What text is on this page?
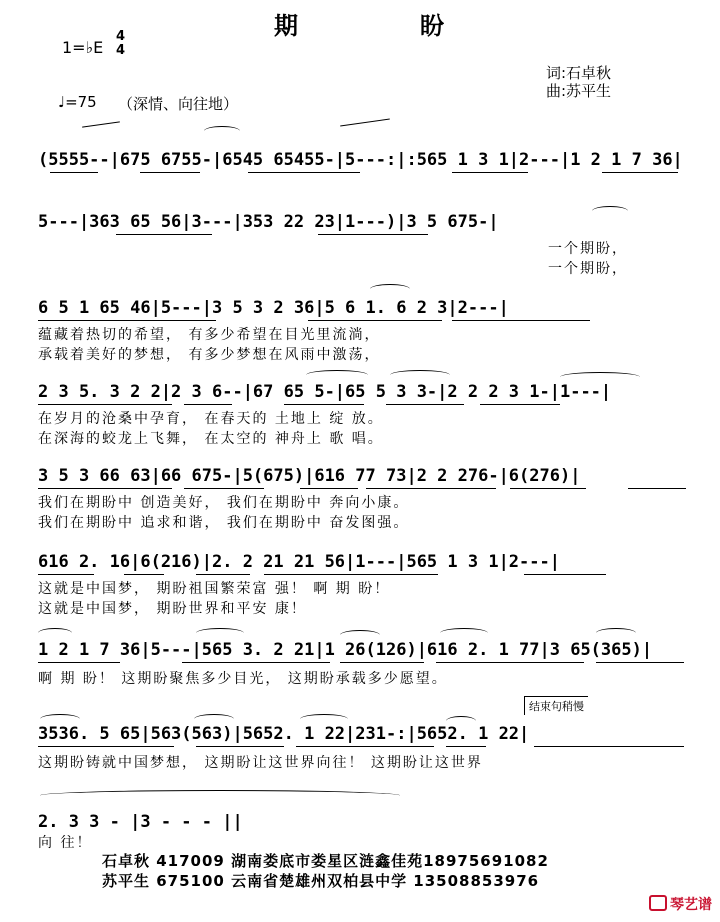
期	盼
1=♭E
4
4
♩=75 （深情、向往地）
词:石卓秋
曲:苏平生
(5555--|675 6755-|6545 65455-|5---:|:565 1 3 1|2---|1 2 1 7 36|
5---|363 65 56|3---|353 22 23|1---)|3 5 675-|
一个期盼，
一个期盼，
6 5 1 65 46|5---|3 5 3 2 36|5 6 1. 6 2 3|2---|
蕴藏着热切的希望， 有多少希望在目光里流淌，
承载着美好的梦想， 有多少梦想在风雨中激荡，
2 3 5. 3 2 2|2 3 6--|67 65 5-|65 5 3 3-|2 2 2 3 1-|1---|
在岁月的沧桑中孕育， 在春天的 土地上 绽 放。
在深海的蛟龙上飞舞， 在太空的 神舟上 歌 唱。
3 5 3 66 63|66 675-|5(675)|616 77 73|2 2 276-|6(276)|
我们在期盼中 创造美好， 我们在期盼中 奔向小康。
我们在期盼中 追求和谐， 我们在期盼中 奋发图强。
616 2. 16|6(216)|2. 2 21 21 56|1---|565 1 3 1|2---|
这就是中国梦， 期盼祖国繁荣富 强！ 啊 期 盼！
这就是中国梦， 期盼世界和平安 康！
1 2 1 7 36|5---|565 3. 2 21|1 26(126)|616 2. 1 77|3 65(365)|
啊 期 盼！ 这期盼聚焦多少目光， 这期盼承载多少愿望。
结束句稍慢
3536. 5 65|563(563)|5652. 1 22|231-:|5652. 1 22|
这期盼铸就中国梦想， 这期盼让这世界向往！ 这期盼让这世界
2. 3 3 - |3 - - - ||
向 往！
石卓秋 417009 湖南娄底市娄星区涟鑫佳苑18975691082
苏平生 675100 云南省楚雄州双柏县中学 13508853976
琴艺谱
